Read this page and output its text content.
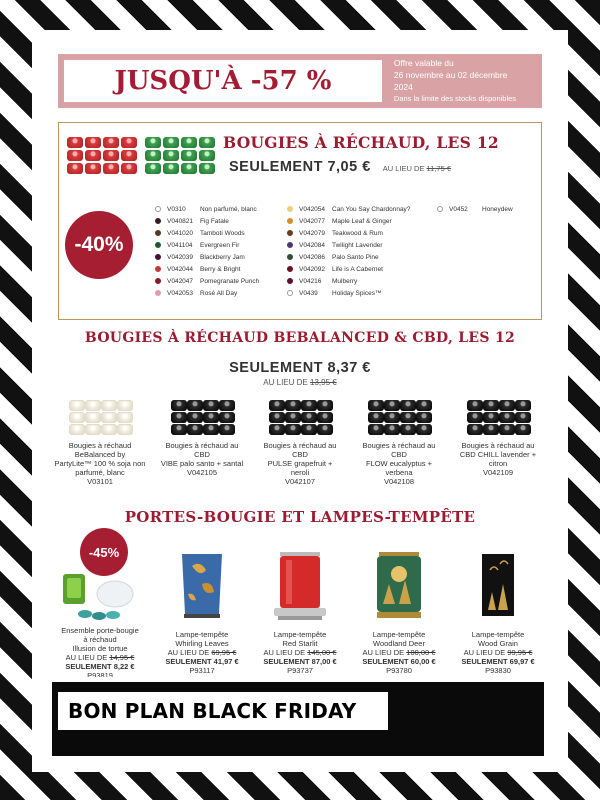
JUSQU'À -57 %
Offre valable du
26 novembre au 02 décembre
2024
Dans la limite des stocks disponibles
BOUGIES À RÉCHAUD, LES 12
SEULEMENT 7,05 € AU LIEU DE 11,75 €
-40%
V0310	Non parfumé, blanc
V040821	Fig Fatale
V041020	Tamboti Woods
V041104	Evergreen Fir
V042039	Blackberry Jam
V042044	Berry & Bright
V042047	Pomegranate Punch
V042053	Rosé All Day
V042054	Can You Say Chardonnay?
V042077	Maple Leaf & Ginger
V042079	Teakwood & Rum
V042084	Twilight Lavender
V042086	Palo Santo Pine
V042092	Life is A Cabernet
V04216	Mulberry
V0439	Holiday Spices™
V0452	Honeydew
BOUGIES À RÉCHAUD BEBALANCED & CBD, LES 12
SEULEMENT 8,37 €
AU LIEU DE 13,95 €
Bougies à réchaud
BeBalanced by
PartyLite™ 100 % soja non
parfumé, blanc
V03101
Bougies à réchaud au
CBD
VIBE palo santo + santal
V042105
Bougies à réchaud au
CBD
PULSE grapefruit +
neroli
V042107
Bougies à réchaud au
CBD
FLOW eucalyptus +
verbena
V042108
Bougies à réchaud au
CBD CHILL lavender +
citron
V042109
PORTES-BOUGIE ET LAMPES-TEMPÊTE
-45%
Ensemble porte-bougie
à réchaud
Illusion de tortue
AU LIEU DE 14,95 €
SEULEMENT 8,22 €
P93819
Lampe-tempête
Whirling Leaves
AU LIEU DE 69,95 €
SEULEMENT 41,97 €
P93117
Lampe-tempête
Red Starlit
AU LIEU DE 145,00 €
SEULEMENT 87,00 €
P93737
Lampe-tempête
Woodland Deer
AU LIEU DE 100,00 €
SEULEMENT 60,00 €
P93780
Lampe-tempête
Wood Grain
AU LIEU DE 99,95 €
SEULEMENT 69,97 €
P93830
BON PLAN BLACK FRIDAY
